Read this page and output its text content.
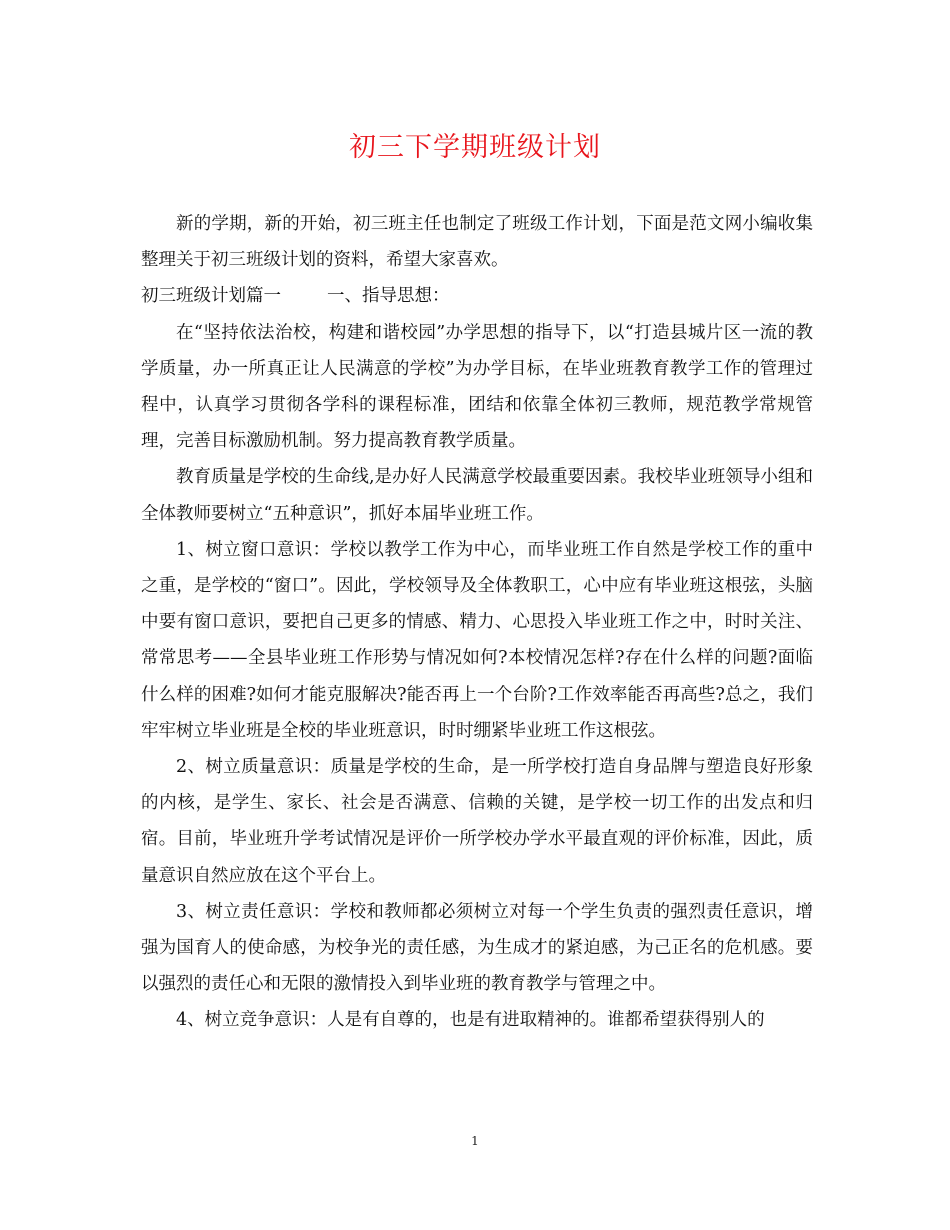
初三下学期班级计划

新的学期，新的开始，初三班主任也制定了班级工作计划，下面是范文网小编收集整理关于初三班级计划的资料，希望大家喜欢。

初三班级计划篇一	一、指导思想：

在“坚持依法治校，构建和谐校园”办学思想的指导下，以“打造县城片区一流的教学质量，办一所真正让人民满意的学校”为办学目标，在毕业班教育教学工作的管理过程中，认真学习贯彻各学科的课程标准，团结和依靠全体初三教师，规范教学常规管理，完善目标激励机制。努力提高教育教学质量。

教育质量是学校的生命线,是办好人民满意学校最重要因素。我校毕业班领导小组和全体教师要树立“五种意识”，抓好本届毕业班工作。

1、树立窗口意识：学校以教学工作为中心，而毕业班工作自然是学校工作的重中之重，是学校的“窗口”。因此，学校领导及全体教职工，心中应有毕业班这根弦，头脑中要有窗口意识，要把自己更多的情感、精力、心思投入毕业班工作之中，时时关注、常常思考——全县毕业班工作形势与情况如何?本校情况怎样?存在什么样的问题?面临什么样的困难?如何才能克服解决?能否再上一个台阶?工作效率能否再高些?总之，我们牢牢树立毕业班是全校的毕业班意识，时时绷紧毕业班工作这根弦。

2、树立质量意识：质量是学校的生命，是一所学校打造自身品牌与塑造良好形象的内核，是学生、家长、社会是否满意、信赖的关键，是学校一切工作的出发点和归宿。目前，毕业班升学考试情况是评价一所学校办学水平最直观的评价标准，因此，质量意识自然应放在这个平台上。

3、树立责任意识：学校和教师都必须树立对每一个学生负责的强烈责任意识，增强为国育人的使命感，为校争光的责任感，为生成才的紧迫感，为己正名的危机感。要以强烈的责任心和无限的激情投入到毕业班的教育教学与管理之中。

4、树立竞争意识：人是有自尊的，也是有进取精神的。谁都希望获得别人的

1
